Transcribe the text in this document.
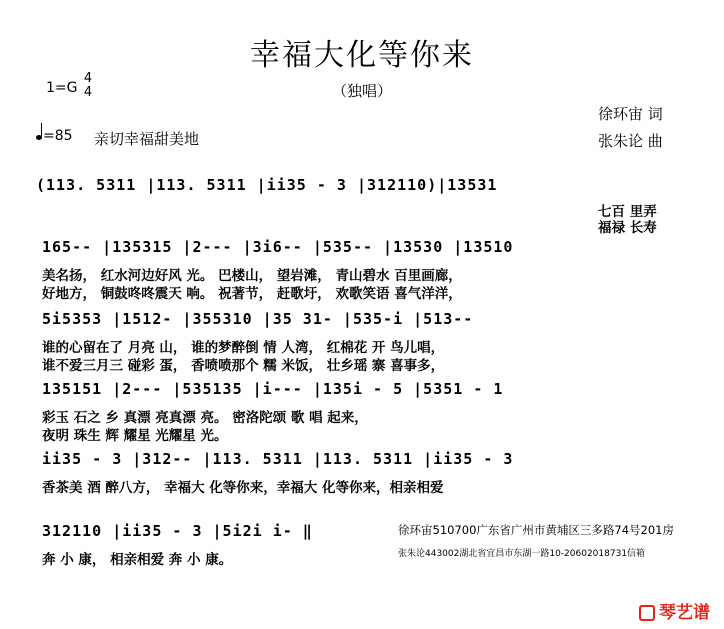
幸福大化等你来
（独唱）
1=G
4
4
=85 亲切幸福甜美地
徐环宙 词
张朱论 曲
(113. 5311 |113. 5311 |ii35 - 3 |312110)|13531
七百 里弄
福禄 长寿
165-- |135315 |2--- |3i6-- |535-- |13530 |13510
美名扬， 红水河边好风 光。 巴楼山， 望岩滩， 青山碧水 百里画廊，
好地方， 铜鼓咚咚震天 响。 祝著节， 赶歌圩， 欢歌笑语 喜气洋洋，
5i5353 |1512- |355310 |35 31- |535-i |513--
谁的心留在了 月亮 山， 谁的梦醉倒 情 人湾， 红棉花 开 鸟儿唱，
谁不爱三月三 碰彩 蛋， 香喷喷那个 糯 米饭， 壮乡瑶 寨 喜事多，
135151 |2--- |535135 |i--- |135i - 5 |5351 - 1
彩玉 石之 乡 真漂 亮真漂 亮。 密洛陀颂 歌 唱 起来，
夜明 珠生 辉 耀星 光耀星 光。
ii35 - 3 |312-- |113. 5311 |113. 5311 |ii35 - 3
香茶美 酒 醉八方， 幸福大 化等你来，幸福大 化等你来，相亲相爱
312110 |ii35 - 3 |5i2i i- ‖
奔 小 康， 相亲相爱 奔 小 康。
徐环宙510700广东省广州市黄埔区三多路74号201房
张朱论443002湖北省宜昌市东湖一路10-20602018731信箱
琴艺谱
